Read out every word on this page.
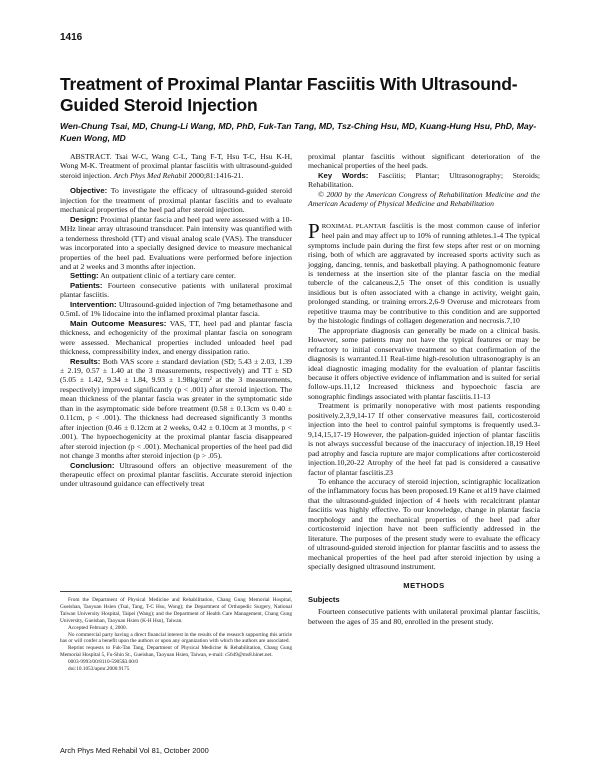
1416
Treatment of Proximal Plantar Fasciitis With Ultrasound-Guided Steroid Injection

Wen-Chung Tsai, MD, Chung-Li Wang, MD, PhD, Fuk-Tan Tang, MD, Tsz-Ching Hsu, MD, Kuang-Hung Hsu, PhD, May-Kuen Wong, MD

ABSTRACT. Tsai W-C, Wang C-L, Tang F-T, Hsu T-C, Hsu K-H, Wong M-K. Treatment of proximal plantar fasciitis with ultrasound-guided steroid injection. Arch Phys Med Rehabil 2000;81:1416-21.

Objective: To investigate the efficacy of ultrasound-guided steroid injection for the treatment of proximal plantar fasciitis and to evaluate mechanical properties of the heel pad after steroid injection.

Design: Proximal plantar fascia and heel pad were assessed with a 10-MHz linear array ultrasound transducer. Pain intensity was quantified with a tenderness threshold (TT) and visual analog scale (VAS). The transducer was incorporated into a specially designed device to measure mechanical properties of the heel pad. Evaluations were performed before injection and at 2 weeks and 3 months after injection.

Setting: An outpatient clinic of a tertiary care center.

Patients: Fourteen consecutive patients with unilateral proximal plantar fasciitis.

Intervention: Ultrasound-guided injection of 7mg betamethasone and 0.5mL of 1% lidocaine into the inflamed proximal plantar fascia.

Main Outcome Measures: VAS, TT, heel pad and plantar fascia thickness, and echogenicity of the proximal plantar fascia on sonogram were assessed. Mechanical properties included unloaded heel pad thickness, compressibility index, and energy dissipation ratio.

Results: Both VAS score ± standard deviation (SD; 5.43 ± 2.03, 1.39 ± 2.19, 0.57 ± 1.40 at the 3 measurements, respectively) and TT ± SD (5.05 ± 1.42, 9.34 ± 1.84, 9.93 ± 1.98kg/cm² at the 3 measurements, respectively) improved significantly (p < .001) after steroid injection. The mean thickness of the plantar fascia was greater in the symptomatic side than in the asymptomatic side before treatment (0.58 ± 0.13cm vs 0.40 ± 0.11cm, p < .001). The thickness had decreased significantly 3 months after injection (0.46 ± 0.12cm at 2 weeks, 0.42 ± 0.10cm at 3 months, p < .001). The hypoechogenicity at the proximal plantar fascia disappeared after steroid injection (p < .001). Mechanical properties of the heel pad did not change 3 months after steroid injection (p > .05).

Conclusion: Ultrasound offers an objective measurement of the therapeutic effect on proximal plantar fasciitis. Accurate steroid injection under ultrasound guidance can effectively treat

From the Department of Physical Medicine and Rehabilitation, Chang Gung Memorial Hospital, Gueishan, Taoyuan Hsien (Tsai, Tang, T-C Hsu, Wong); the Department of Orthopedic Surgery, National Taiwan University Hospital, Taipei (Wang); and the Department of Health Care Management, Chang Gung University, Gueishan, Taoyuan Hsien (K-H Hsu), Taiwan.

Accepted February 4, 2000.

No commercial party having a direct financial interest in the results of the research supporting this article has or will confer a benefit upon the authors or upon any organization with which the authors are associated.

Reprint requests to Fuk-Tan Tang, Department of Physical Medicine & Rehabilitation, Chang Gung Memorial Hospital 5, Fu-Shin St., Gueishan, Taoyuan Hsien, Taiwan, e-mail: c5649@ms8.hinet.net.

0003-9993/00/8110-5905$3.00/0

doi:10.1053/apmr.2000.9175

proximal plantar fasciitis without significant deterioration of the mechanical properties of the heel pads.

Key Words: Fasciitis; Plantar; Ultrasonography; Steroids; Rehabilitation.

© 2000 by the American Congress of Rehabilitation Medicine and the American Academy of Physical Medicine and Rehabilitation

PROXIMAL PLANTAR fasciitis is the most common cause of inferior heel pain and may affect up to 10% of running athletes.1-4 The typical symptoms include pain during the first few steps after rest or on morning rising, both of which are aggravated by increased sports activity such as jogging, dancing, tennis, and basketball playing. A pathognomonic feature is tenderness at the insertion site of the plantar fascia on the medial tubercle of the calcaneus.2,5 The onset of this condition is usually insidious but is often associated with a change in activity, weight gain, prolonged standing, or training errors.2,6-9 Overuse and microtears from repetitive trauma may be contributive to this condition and are supported by the histologic findings of collagen degeneration and necrosis.7,10

The appropriate diagnosis can generally be made on a clinical basis. However, some patients may not have the typical features or may be refractory to initial conservative treatment so that confirmation of the diagnosis is warranted.11 Real-time high-resolution ultrasonography is an ideal diagnostic imaging modality for the evaluation of plantar fasciitis because it offers objective evidence of inflammation and is suited for serial follow-ups.11,12 Increased thickness and hypoechoic fascia are sonographic findings associated with plantar fasciitis.11-13

Treatment is primarily nonoperative with most patients responding positively.2,3,9,14-17 If other conservative measures fail, corticosteroid injection into the heel to control painful symptoms is frequently used.3-9,14,15,17-19 However, the palpation-guided injection of plantar fasciitis is not always successful because of the inaccuracy of injection.18,19 Heel pad atrophy and fascia rupture are major complications after corticosteroid injection.10,20-22 Atrophy of the heel fat pad is considered a causative factor of plantar fasciitis.23

To enhance the accuracy of steroid injection, scintigraphic localization of the inflammatory focus has been proposed.19 Kane et al19 have claimed that the ultrasound-guided injection of 4 heels with recalcitrant plantar fasciitis was highly effective. To our knowledge, change in plantar fascia morphology and the mechanical properties of the heel pad after corticosteroid injection have not been sufficiently addressed in the literature. The purposes of the present study were to evaluate the efficacy of ultrasound-guided steroid injection for plantar fasciitis and to assess the mechanical properties of the heel pad after steroid injection by using a specially designed ultrasound instrument.

METHODS

Subjects

Fourteen consecutive patients with unilateral proximal plantar fasciitis, between the ages of 35 and 80, enrolled in the present study.

Arch Phys Med Rehabil Vol 81, October 2000
